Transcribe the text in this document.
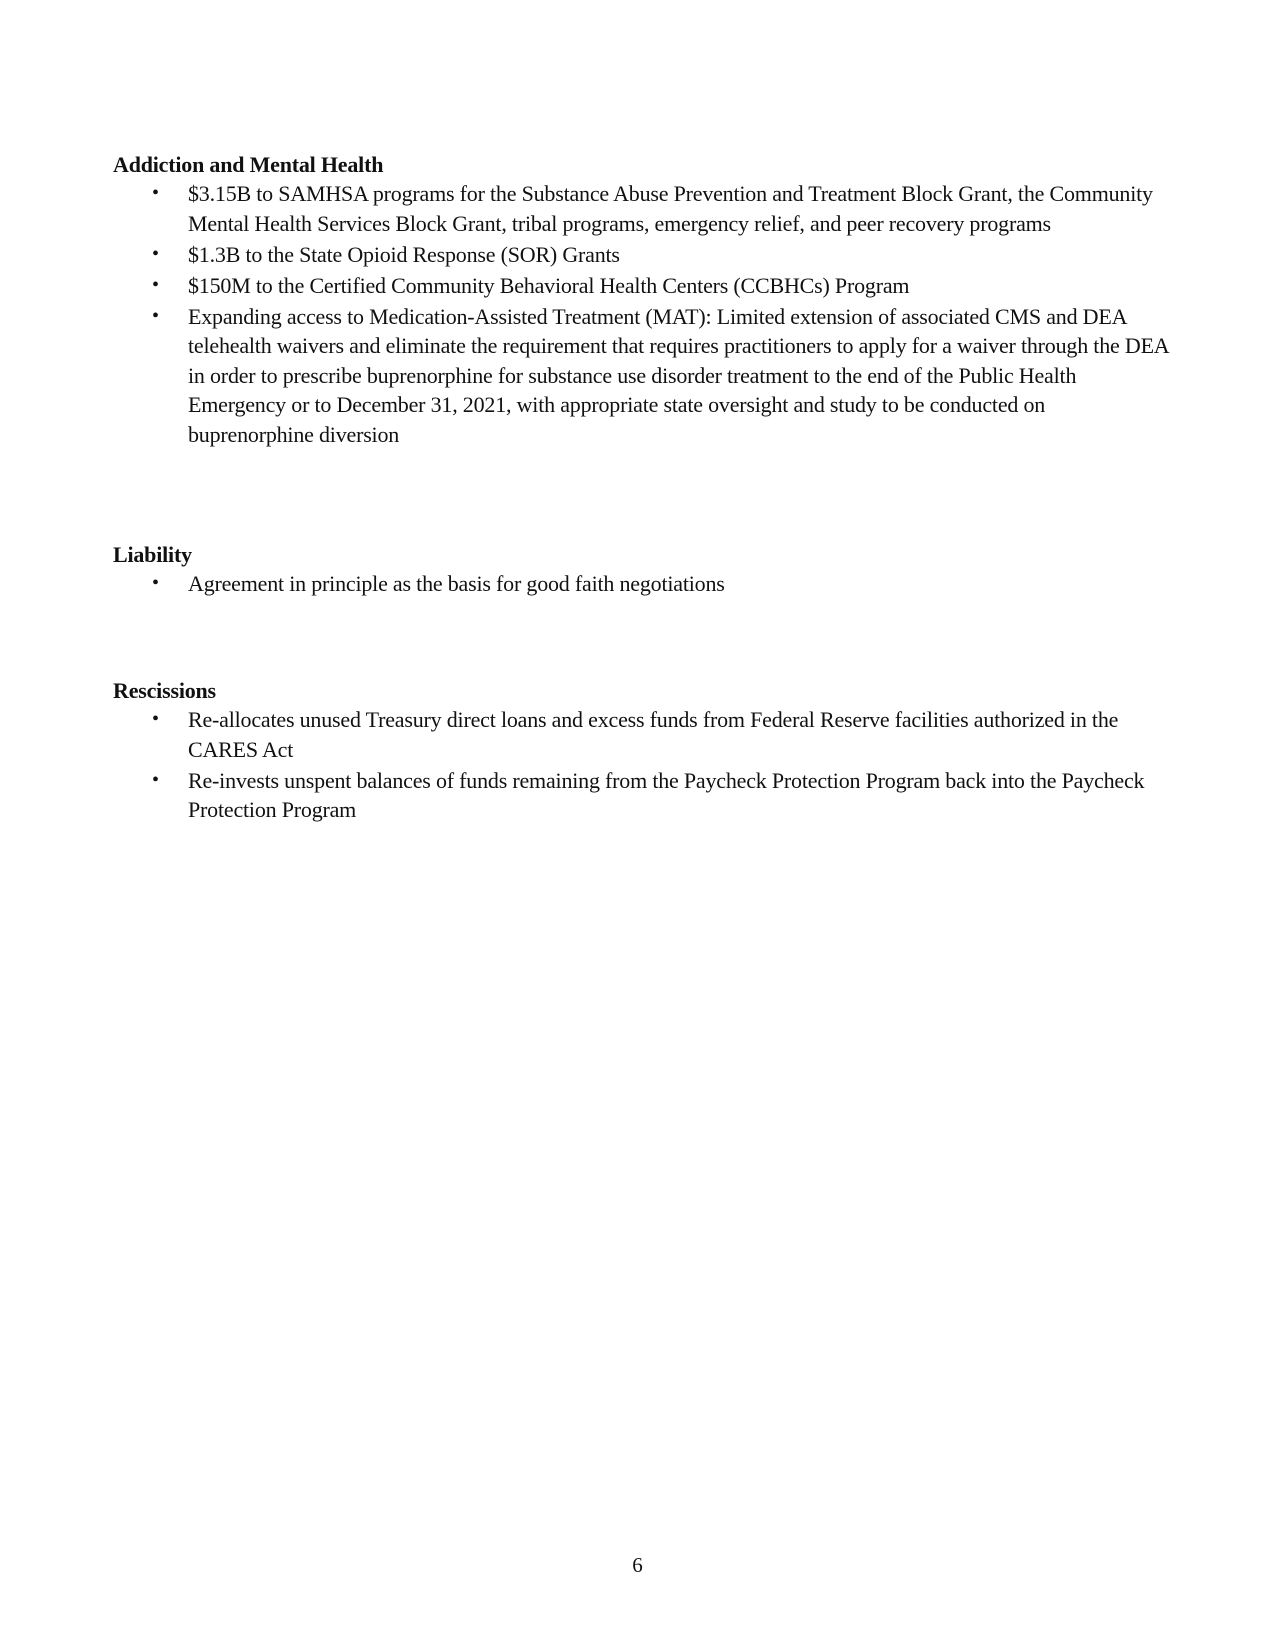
Addiction and Mental Health

• $3.15B to SAMHSA programs for the Substance Abuse Prevention and Treatment Block Grant, the Community Mental Health Services Block Grant, tribal programs, emergency relief, and peer recovery programs
• $1.3B to the State Opioid Response (SOR) Grants
• $150M to the Certified Community Behavioral Health Centers (CCBHCs) Program
• Expanding access to Medication-Assisted Treatment (MAT): Limited extension of associated CMS and DEA telehealth waivers and eliminate the requirement that requires practitioners to apply for a waiver through the DEA in order to prescribe buprenorphine for substance use disorder treatment to the end of the Public Health Emergency or to December 31, 2021, with appropriate state oversight and study to be conducted on buprenorphine diversion

Liability

• Agreement in principle as the basis for good faith negotiations

Rescissions

• Re-allocates unused Treasury direct loans and excess funds from Federal Reserve facilities authorized in the CARES Act
• Re-invests unspent balances of funds remaining from the Paycheck Protection Program back into the Paycheck Protection Program
6
